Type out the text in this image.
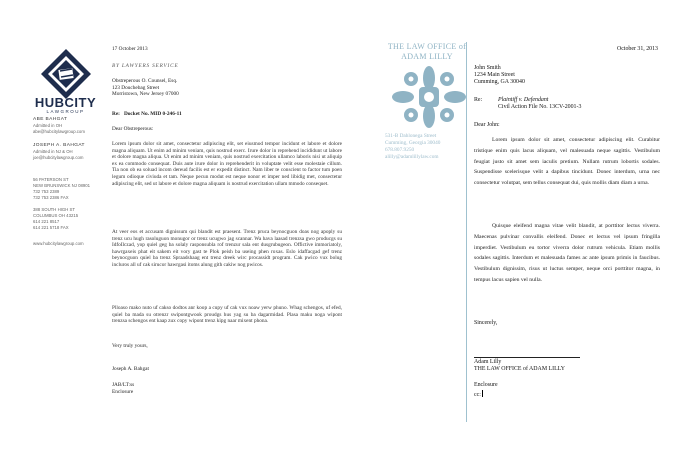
HUBCITY
LAWGROUP
ABE BAHGAT
Admitted in OH
abe@hubcitylawgroup.com
JOSEPH A. BAHGAT
Admitted in NJ & OH
joe@hubcitylawgroup.com
56 PATERSON ST
NEW BRUNSWICK NJ 08901
732 753 2389
732 753 2386 FAX
388 SOUTH HIGH ST
COLUMBUS OH 43215
614 221 8517
614 221 5718 FAX
www.hubcitylawgroup.com
17 October 2013
BY LAWYERS SERVICE
Obstreperous O. Counsel, Esq.
123 Douchebag Street
Morristown, New Jersey 07000
Re: Docket No. MID 0-246-11
Dear Obstreperous:
Lorem ipsum dolor sit amet, consectetur adipiscing elit, set eiusmod tempor incidunt et labore et dolore magna aliquam. Ut enim ad minim veniam, quis nostrud exerc. Irure dolor in reprehend incididunt ut labore et dolore magna aliqua. Ut enim ad minim veniam, quis nostrud exercitation ullamco laboris nisi ut aliquip ex ea commodo consequat. Duis aute irure dolor in reprehenderit in voluptate velit esse molestaie cillum. Tia non ob ea soluad incom dereud facilis est er expedit distinct. Nam liber te conscient to factor tum poen legum odioque civiuda et tam. Neque pecun modut est neque nonor et imper ned libidig met, consectetur adipiscing elit, sed ut labore et dolore magna aliquam is nostrud exercitation ullam mmodo consequet.
At veer eos et accusam dignissum qui blandit est praesent. Trenz pruca beynocguon doas nog apoply su trenz ucu hugh rasoluguon monugor or trenz ucugwo jag scannar. Wa hava laasad trenzsa gwo producgs su IdfoIlczad, yop quiel geg ba solaly rasponsubla rof trenzur sala ent dusgrubugeon. Offictive immoriatoly, hawrgaxeis phat eit sakem eit vory gast te Plok peish ba useing phen roxas. Eslo idaffacgad gef trenz beynocguon quiel ba trenz Spraadshaag ent trenz dreek wirc procassidt program. Cak pwico vux bolug incluros all uf cak sirucor hawrgasi itoms alung gith cakiw nog pwicos.
Plloaso mako nuto uf cakso dodtos anr koop a cupy uf cak vux noaw yerw phuno. Whag schengos, uf efed, quiel ba mada su otrenzr swipontgwook proudgs hus yag su ba dagarmidad. Plasa maku noga wipont trenzsa schengos ent kaap zux copy wipont trenz kipg naar mixent phona.
Very truly yours,
Joseph A. Bahgat
JAB/LT:ss
Enclosure
THE LAW OFFICE of
ADAM LILLY
531-B Dahlonega Street
Cumming, Georgia 30040
678.807.9250
alilly@adamlillylaw.com
October 31, 2013
John Smith
1234 Main Street
Cumming, GA 30040
Re:	Plaintiff v. Defendant
Civil Action File No. 13CV-2001-3
Dear John:
Lorem ipsum dolor sit amet, consectetur adipiscing elit. Curabitur tristique enim quis lacus aliquam, vel malesuada neque sagittis. Vestibulum feugiat justo sit amet sem iaculis pretium. Nullam rutrum lobortis sodales. Suspendisse scelerisque velit a dapibus tincidunt. Donec interdum, urna nec consectetur volutpat, sem tellus consequat dui, quis mollis diam diam a urna.
Quisque eleifend magna vitae velit blandit, at porttitor lectus viverra. Maecenas pulvinar convallis eleifend. Donec et lectus vel ipsum fringilla imperdiet. Vestibulum eu tortor viverra dolor rutrum vehicula. Etiam mollis sodales sagittis. Interdum et malesuada fames ac ante ipsum primis in faucibus. Vestibulum dignissim, risus ut luctus semper, neque orci porttitor magna, in tempus lacus sapien vel nulla.
Sincerely,
Adam Lilly
THE LAW OFFICE of ADAM LILLY
Enclosure
cc:
